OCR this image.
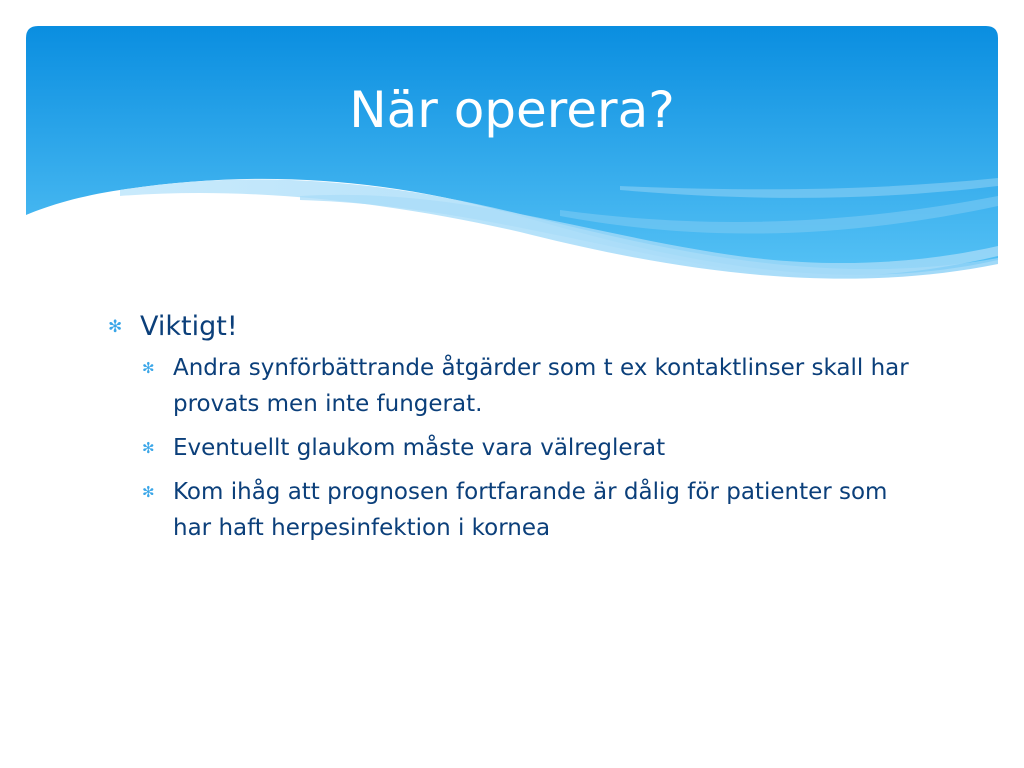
När operera?
✻ Viktigt!
✻ Andra synförbättrande åtgärder som t ex kontaktlinser skall har provats men inte fungerat.
✻ Eventuellt glaukom måste vara välreglerat
✻ Kom ihåg att prognosen fortfarande är dålig för patienter som har haft herpesinfektion i kornea
